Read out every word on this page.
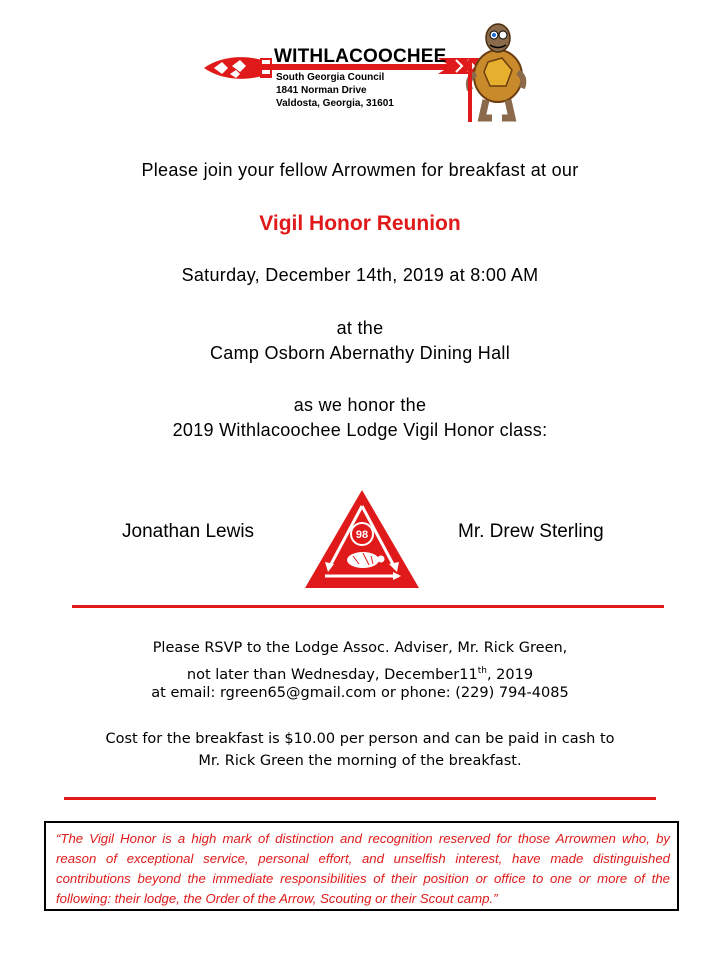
WITHLACOOCHEE
South Georgia Council
1841 Norman Drive
Valdosta, Georgia, 31601
Please join your fellow Arrowmen for breakfast at our
Vigil Honor Reunion
Saturday, December 14th, 2019 at 8:00 AM
at the
Camp Osborn Abernathy Dining Hall
as we honor the
2019 Withlacoochee Lodge Vigil Honor class:
Jonathan Lewis	Mr. Drew Sterling
98
Please RSVP to the Lodge Assoc. Adviser, Mr. Rick Green,
not later than Wednesday, December11th, 2019
at email: rgreen65@gmail.com or phone: (229) 794-4085
Cost for the breakfast is $10.00 per person and can be paid in cash to
Mr. Rick Green the morning of the breakfast.
“The Vigil Honor is a high mark of distinction and recognition reserved for those Arrowmen who, by reason of exceptional service, personal effort, and unselfish interest, have made distinguished contributions beyond the immediate responsibilities of their position or office to one or more of the following: their lodge, the Order of the Arrow, Scouting or their Scout camp.”
